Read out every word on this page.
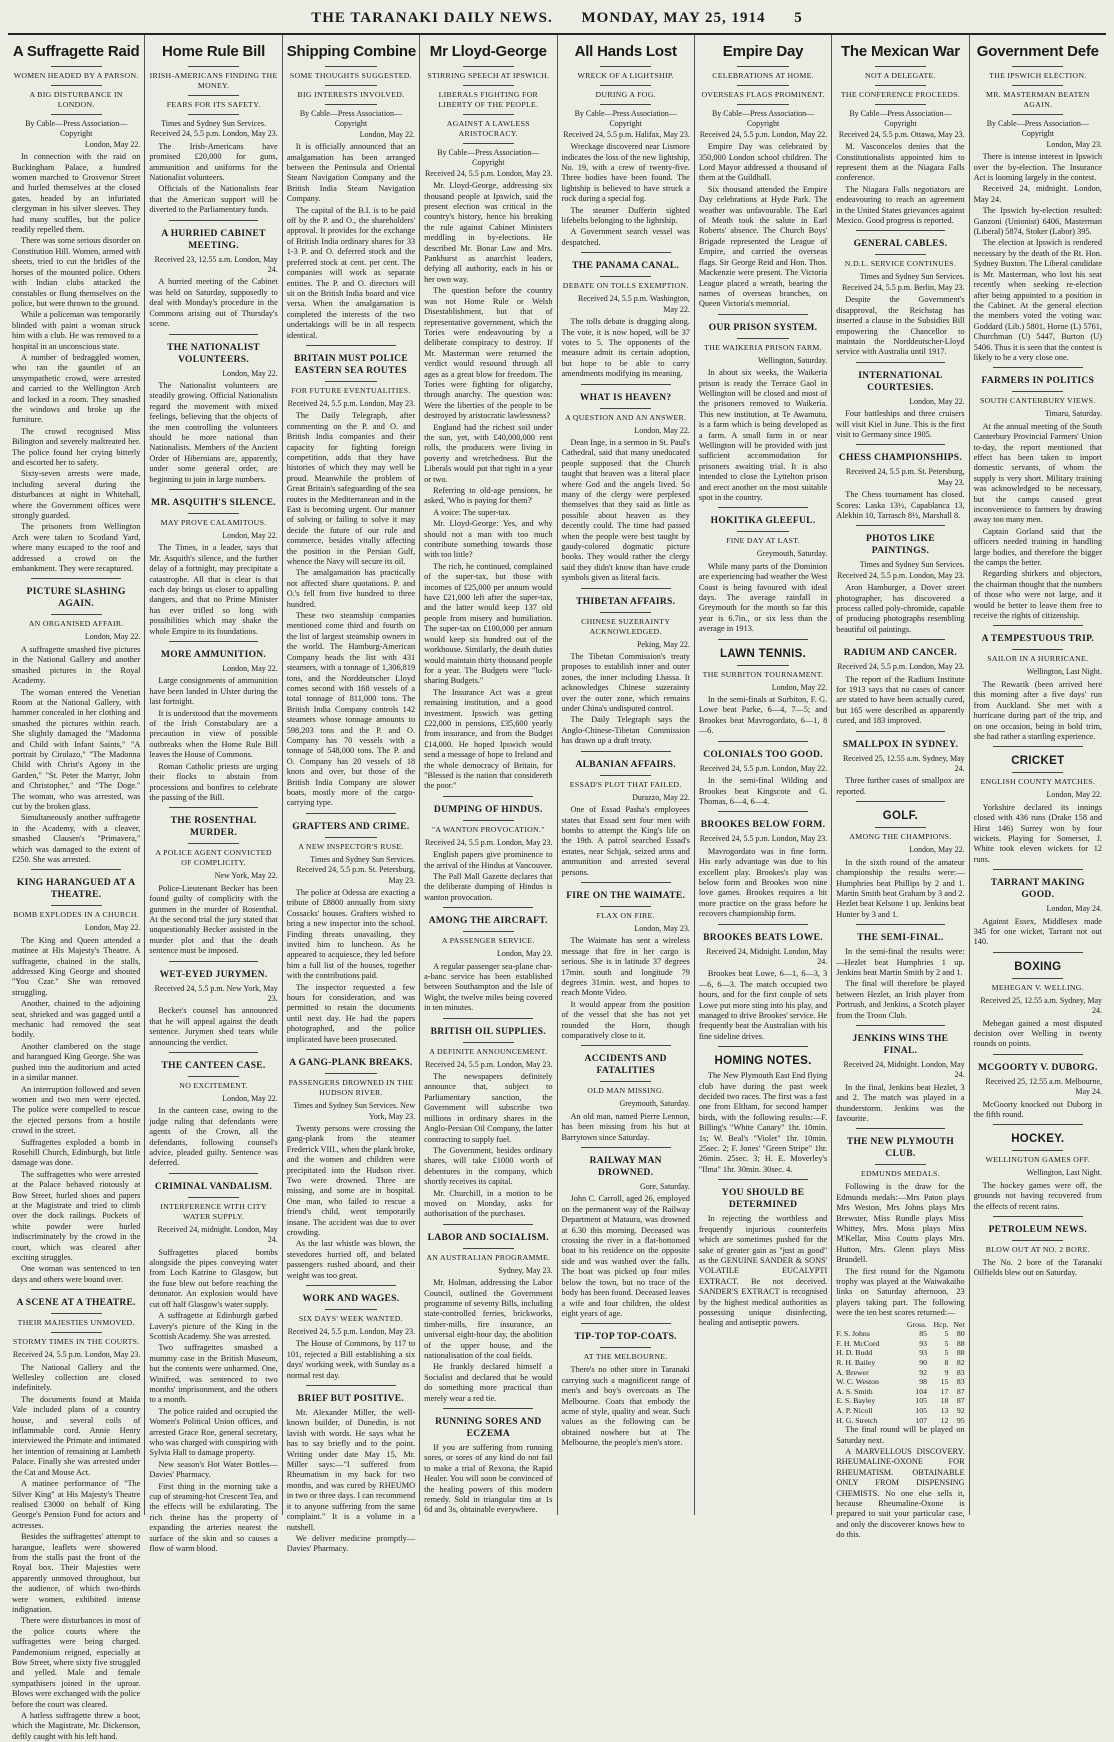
THE TARANAKI DAILY NEWS. MONDAY, MAY 25, 1914 5
A Suffragette Raid
WOMEN HEADED BY A PARSON.
A BIG DISTURBANCE IN LONDON.
By Cable—Press Association—Copyright
London, May 22.

In connection with the raid on Buckingham Palace, a hundred women marched to Grosvenor Street and hurled themselves at the closed gates, headed by an infuriated clergyman in his silver sleeves. They had many scuffles, but the police readily repelled them.

There was some serious disorder on Constitution Hill. Women, armed with sheets, tried to cut the bridles of the horses of the mounted police. Others with Indian clubs attacked the constables or flung themselves on the police, but were thrown to the ground.

While a policeman was temporarily blinded with paint a woman struck him with a club. He was removed to a hospital in an unconscious state.

A number of bedraggled women, who ran the gauntlet of an unsympathetic crowd, were arrested and carried to the Wellington Arch and locked in a room. They smashed the windows and broke up the furniture.

The crowd recognised Miss Bilington and severely maltreated her. The police found her crying bitterly and escorted her to safety.

Sixty-seven arrests were made, including several during the disturbances at night in Whitehall, where the Government offices were strongly guarded.

The prisoners from Wellington Arch were taken to Scotland Yard, where many escaped to the roof and addressed a crowd on the embankment. They were recaptured.

PICTURE SLASHING AGAIN.
AN ORGANISED AFFAIR.
London, May 22.

A suffragette smashed five pictures in the National Gallery and another smashed pictures in the Royal Academy.

The woman entered the Venetian Room at the National Gallery, with hammer concealed in her clothing and smashed the pictures within reach. She slightly damaged the "Madonna and Child with Infant Saints," "A portrait by Cirolazo," "The Madonna Child with Christ's Agony in the Garden," "St. Peter the Martyr, John and Christopher," and "The Doge." The woman, who was arrested, was cut by the broken glass.

Simultaneously another suffragette in the Academy, with a cleaver, smashed Clausen's "Primavera," which was damaged to the extent of £250. She was arrested.

KING HARANGUED AT A THEATRE.
BOMB EXPLODES IN A CHURCH.
London, May 22.

The King and Queen attended a matinee at His Majesty's Theatre. A suffragette, chained in the stalls, addressed King George and shouted "You Czar." She was removed struggling.

Another, chained to the adjoining seat, shrieked and was gagged until a mechanic had removed the seat bodily.

Another clambered on the stage and harangued King George. She was pushed into the auditorium and acted in a similar manner.

An interruption followed and seven women and two men were ejected. The police were compelled to rescue the ejected persons from a hostile crowd in the street.

Suffragettes exploded a bomb in Rosehill Church, Edinburgh, but little damage was done.

The suffragettes who were arrested at the Palace behaved riotously at Bow Street, hurled shoes and papers at the Magistrate and tried to climb over the dock railings. Pockets of white powder were hurled indiscriminately by the crowd in the court, which was cleared after exciting struggles.

One woman was sentenced to ten days and others were bound over.

A SCENE AT A THEATRE.
THEIR MAJESTIES UNMOVED.
STORMY TIMES IN THE COURTS.
Received 24, 5.5 p.m. London, May 23.

The National Gallery and the Wellesley collection are closed indefinitely.

The documents found at Maida Vale included plans of a country house, and several coils of inflammable cord. Annie Henry interviewed the Primate and intimated her intention of remaining at Lambeth Palace. Finally she was arrested under the Cat and Mouse Act.

A matinee performance of "The Silver King" at His Majesty's Theatre realised £3000 on behalf of King George's Pension Fund for actors and actresses.

Besides the suffragettes' attempt to harangue, leaflets were showered from the stalls past the front of the Royal box. Their Majesties were apparently unmoved throughout, but the audience, of which two-thirds were women, exhibited intense indignation.

There were disturbances in most of the police courts where the suffragettes were being charged. Pandemonium reigned, especially at Bow Street, where sixty five struggled and yelled. Male and female sympathisers joined in the uproar. Blows were exchanged with the police before the court was cleared.

A hatless suffragette threw a boot, which the Magistrate, Mr. Dickenson, deftly caught with his left hand.

Home Rule Bill
IRISH-AMERICANS FINDING THE MONEY.
FEARS FOR ITS SAFETY.
Times and Sydney Sun Services.
Received 24, 5.5 p.m. London, May 23.

The Irish-Americans have promised £20,000 for guns, ammunition and uniforms for the Nationalist volunteers.

Officials of the Nationalists fear that the American support will be diverted to the Parliamentary funds.

A HURRIED CABINET MEETING.
Received 23, 12.55 a.m. London, May 24.

A hurried meeting of the Cabinet was held on Saturday, supposedly to deal with Monday's procedure in the Commons arising out of Thursday's scene.

THE NATIONALIST VOLUNTEERS.
London, May 22.

The Nationalist volunteers are steadily growing. Official Nationalists regard the movement with mixed feelings, believing that the objects of the men controlling the volunteers should be more national than Nationalists. Members of the Ancient Order of Hibernians are, apparently, under some general order, are beginning to join in large numbers.

MR. ASQUITH'S SILENCE.
MAY PROVE CALAMITOUS.
London, May 22.

The Times, in a leader, says that Mr. Asquith's silence, and the further delay of a fortnight, may precipitate a catastrophe. All that is clear is that each day brings us closer to appalling dangers, and that no Prime Minister has ever trifled so long with possibilities which may shake the whole Empire to its foundations.

MORE AMMUNITION.
London, May 22.

Large consignments of ammunition have been landed in Ulster during the last fortnight.

It is understood that the movements of the Irish Constabulary are a precaution in view of possible outbreaks when the Home Rule Bill leaves the House of Commons.

Roman Catholic priests are urging their flocks to abstain from processions and bonfires to celebrate the passing of the Bill.

THE ROSENTHAL MURDER.
A POLICE AGENT CONVICTED OF COMPLICITY.
New York, May 22.

Police-Lieutenant Becker has been found guilty of complicity with the gunmen in the murder of Rosenthal. At the second trial the jury stated that unquestionably Becker assisted in the murder plot and that the death sentence must be imposed.

WET-EYED JURYMEN.
Received 24, 5.5 p.m. New York, May 23.

Becker's counsel has announced that he will appeal against the death sentence. Jurymen shed tears while announcing the verdict.

THE CANTEEN CASE.
NO EXCITEMENT.
London, May 22.

In the canteen case, owing to the judge ruling that defendants were agents of the Crown, all the defendants, following counsel's advice, pleaded guilty. Sentence was deferred.

CRIMINAL VANDALISM.
INTERFERENCE WITH CITY WATER SUPPLY.
Received 24, midnight. London, May 24.

Suffragettes placed bombs alongside the pipes conveying water from Loch Katrine to Glasgow, but the fuse blew out before reaching the detonator. An explosion would have cut off half Glasgow's water supply.

A suffragette at Edinburgh garbed Lavery's picture of the King in the Scottish Academy. She was arrested.

Two suffragettes smashed a mummy case in the British Museum, but the contents were unharmed. One, Winifred, was sentenced to two months' imprisonment, and the others to a month.

The police raided and occupied the Women's Political Union offices, and arrested Grace Roe, general secretary, who was charged with conspiring with Sylvia Hall to damage property.

New season's Hot Water Bottles—Davies' Pharmacy.

First thing in the morning take a cup of steaming-hot Crescent Tea, and the effects will be exhilarating. The rich theine has the property of expanding the arteries nearest the surface of the skin and so causes a flow of warm blood.

Shipping Combine
SOME THOUGHTS SUGGESTED.
BIG INTERESTS INVOLVED.
By Cable—Press Association—Copyright
London, May 22.

It is officially announced that an amalgamation has been arranged between the Peninsula and Oriental Steam Navigation Company and the British India Steam Navigation Company.

The capital of the B.I. is to be paid off by the P. and O., the shareholders' approval. It provides for the exchange of British India ordinary shares for 33 1-3 P. and O. deferred stock and the preferred stock at cent. per cent. The companies will work as separate entities. The P. and O. directors will sit on the British India board and vice versa. When the amalgamation is completed the interests of the two undertakings will be in all respects identical.

BRITAIN MUST POLICE EASTERN SEA ROUTES
FOR FUTURE EVENTUALITIES.
Received 24, 5.5 p.m. London, May 23.

The Daily Telegraph, after commenting on the P. and O. and British India companies and their capacity for fighting foreign competition, adds that they have histories of which they may well be proud. Meanwhile the problem of Great Britain's safeguarding of the sea routes in the Mediterranean and in the East is becoming urgent. Our manner of solving or failing to solve it may decide the future of our rule and commerce, besides vitally affecting the position in the Persian Gulf, whence the Navy will secure its oil.

The amalgamation has practically not affected share quotations. P. and O.'s fell from five hundred to three hundred.

These two steamship companies mentioned come third and fourth on the list of largest steamship owners in the world. The Hamburg-American Company heads the list with 431 steamers, with a tonnage of 1,306,819 tons, and the Norddeutscher Lloyd comes second with 168 vessels of a total tonnage of 811,000 tons. The British India Company controls 142 steamers whose tonnage amounts to 598,203 tons and the P. and O. Company has 70 vessels with a tonnage of 548,000 tons. The P. and O. Company has 20 vessels of 18 knots and over, but those of the British India Company are slower boats, mostly more of the cargo-carrying type.

GRAFTERS AND CRIME.
A NEW INSPECTOR'S RUSE.
Times and Sydney Sun Services. Received 24, 5.5 p.m. St. Petersburg, May 23.

The police at Odessa are exacting a tribute of £8800 annually from sixty Cossacks' houses. Grafters wished to bring a new inspector into the school. Finding threats unavailing, they invited him to luncheon. As he appeared to acquiesce, they led before him a full list of the houses, together with the contributions paid.

The inspector requested a few hours for consideration, and was permitted to retain the documents until next day. He had the papers photographed, and the police implicated have been prosecuted.

A GANG-PLANK BREAKS.
PASSENGERS DROWNED IN THE HUDSON RIVER.
Times and Sydney Sun Services. New York, May 23.

Twenty persons were crossing the gang-plank from the steamer Frederick VIII., when the plank broke, and the women and children were precipitated into the Hudson river. Two were drowned. Three are missing, and some are in hospital. One man, who failed to rescue a friend's child, went temporarily insane. The accident was due to over crowding.

As the last whistle was blown, the stevedores hurried off, and belated passengers rushed aboard, and their weight was too great.

WORK AND WAGES.
SIX DAYS' WEEK WANTED.
Received 24, 5.5 p.m. London, May 23.

The House of Commons, by 117 to 101, rejected a Bill establishing a six days' working week, with Sunday as a normal rest day.

BRIEF BUT POSITIVE.

Mr. Alexander Miller, the well-known builder, of Dunedin, is not lavish with words. He says what he has to say briefly and to the point. Writing under date May 15, Mr. Miller says:—"I suffered from Rheumatism in my back for two months, and was cured by RHEUMO in two or three days. I can recommend it to anyone suffering from the same complaint." It is a volume in a nutshell.

We deliver medicine promptly—Davies' Pharmacy.

Mr Lloyd-George
STIRRING SPEECH AT IPSWICH.
LIBERALS FIGHTING FOR LIBERTY OF THE PEOPLE.
AGAINST A LAWLESS ARISTOCRACY.
By Cable—Press Association—Copyright
Received 24, 5.5 p.m. London, May 23.

Mr. Lloyd-George, addressing six thousand people at Ipswich, said the present election was critical in the country's history, hence his breaking the rule against Cabinet Ministers meddling in by-elections. He described Mr. Bonar Law and Mrs. Pankhurst as anarchist leaders, defying all authority, each in his or her own way.

The question before the country was not Home Rule or Welsh Disestablishment, but that of representative government, which the Tories were endeavouring by a deliberate conspiracy to destroy. If Mr. Masterman were returned the verdict would resound through all ages as a great blow for freedom. The Tories were fighting for oligarchy, through anarchy. The question was: Were the liberties of the people to be destroyed by aristocratic lawlessness?

England had the richest soil under the sun, yet, with £40,000,000 rent rolls, the producers were living in poverty and wretchedness. But the Liberals would put that right in a year or two.

Referring to old-age pensions, he asked, 'Who is paying for them?'

A voice: The super-tax.

Mr. Lloyd-George: Yes, and why should not a man with too much contribute something towards those with too little?

The rich, he continued, complained of the super-tax, but those with incomes of £25,000 per annum would have £21,000 left after the super-tax, and the latter would keep 137 old people from misery and humiliation. The super-tax on £100,000 per annum would keep six hundred out of the workhouse. Similarly, the death duties would maintain thirty thousand people for a year. The Budgets were "luck-sharing Budgets."

The Insurance Act was a great remaining institution, and a good investment. Ipswich was getting £22,000 in pensions, £35,600 yearly from insurance, and from the Budget £14,000. He hoped Ipswich would send a message of hope to Ireland and the whole democracy of Britain, for "Blessed is the nation that considereth the poor."

DUMPING OF HINDUS.
"A WANTON PROVOCATION."
Received 24, 5.5 p.m. London, May 23.

English papers give prominence to the arrival of the Hindus at Vancouver.

The Pall Mall Gazette declares that the deliberate dumping of Hindus is wanton provocation.

AMONG THE AIRCRAFT.
A PASSENGER SERVICE.
London, May 23.

A regular passenger sea-plane char-a-banc service has been established between Southampton and the Isle of Wight, the twelve miles being covered in ten minutes.

BRITISH OIL SUPPLIES.
A DEFINITE ANNOUNCEMENT.
Received 24, 5.5 p.m. London, May 23.

The newspapers definitely announce that, subject to Parliamentary sanction, the Government will subscribe two millions in ordinary shares in the Anglo-Persian Oil Company, the latter contracting to supply fuel.

The Government, besides ordinary shares, will take £1000 worth of debentures in the company, which shortly receives its capital.

Mr. Churchill, in a motion to be moved on Monday, asks for authorisation of the purchases.

LABOR AND SOCIALISM.
AN AUSTRALIAN PROGRAMME.
Sydney, May 23.

Mr. Holman, addressing the Labor Council, outlined the Government programme of seventy Bills, including state-controlled ferries, brickworks, timber-mills, fire insurance, an universal eight-hour day, the abolition of the upper house, and the nationalisation of the coal fields.

He frankly declared himself a Socialist and declared that he would do something more practical than merely wear a red tie.

RUNNING SORES AND ECZEMA

If you are suffering from running sores, or sores of any kind do not fail to make a trial of Rexona, the Rapid Healer. You will soon be convinced of the healing powers of this modern remedy. Sold in triangular tins at 1s 6d and 3s, obtainable everywhere.

All Hands Lost
WRECK OF A LIGHTSHIP.
DURING A FOG.
By Cable—Press Association—Copyright
Received 24, 5.5 p.m. Halifax, May 23.

Wreckage discovered near Lismore indicates the loss of the new lightship, No. 19, with a crew of twenty-five. Three bodies have been found. The lightship is believed to have struck a rock during a special fog.

The steamer Dufferin sighted lifebelts belonging to the lightship.

A Government search vessel was despatched.

THE PANAMA CANAL.
DEBATE ON TOLLS EXEMPTION.
Received 24, 5.5 p.m. Washington, May 22.

The tolls debate is dragging along. The vote, it is now hoped, will be 37 votes to 5. The opponents of the measure admit its certain adoption, but hope to be able to carry amendments modifying its meaning.

WHAT IS HEAVEN?
A QUESTION AND AN ANSWER.
London, May 22.

Dean Inge, in a sermon in St. Paul's Cathedral, said that many uneducated people supposed that the Church taught that heaven was a literal place where God and the angels lived. So many of the clergy were perplexed themselves that they said as little as possible about heaven as they decently could. The time had passed when the people were best taught by gaudy-colored dogmatic picture books. They would rather the clergy said they didn't know than have crude symbols given as literal facts.

THIBETAN AFFAIRS.
CHINESE SUZERAINTY ACKNOWLEDGED.
Peking, May 22.

The Tibetan Commission's treaty proposes to establish inner and outer zones, the inner including Lhassa. It acknowledges Chinese suzerainty over the outer zone, which remains under China's undisputed control.

The Daily Telegraph says the Anglo-Chinese-Tibetan Commission has drawn up a draft treaty.

ALBANIAN AFFAIRS.
ESSAD'S PLOT THAT FAILED.
Durazzo, May 22.

One of Essad Pasha's employees states that Essad sent four men with bombs to attempt the King's life on the 19th. A patrol searched Essad's estates, near Schjak, seized arms and ammunition and arrested several persons.

FIRE ON THE WAIMATE.
FLAX ON FIRE.
London, May 23.

The Waimate has sent a wireless message that fire in her cargo is serious. She is in latitude 37 degrees 17min. south and longitude 79 degrees 31min. west, and hopes to reach Monte Video.

It would appear from the position of the vessel that she has not yet rounded the Horn, though comparatively close to it.

ACCIDENTS AND FATALITIES
OLD MAN MISSING.
Greymouth, Saturday.

An old man, named Pierre Lennon, has been missing from his hut at Barrytown since Saturday.

RAILWAY MAN DROWNED.
Gore, Saturday.

John C. Carroll, aged 26, employed on the permanent way of the Railway Department at Mataura, was drowned at 6.30 this morning. Deceased was crossing the river in a flat-bottomed boat to his residence on the opposite side and was washed over the falls. The boat was picked up four miles below the town, but no trace of the body has been found. Deceased leaves a wife and four children, the oldest eight years of age.

TIP-TOP TOP-COATS.
AT THE MELBOURNE.

There's no other store in Taranaki carrying such a magnificent range of men's and boy's overcoats as The Melbourne. Coats that embody the acme of style, quality and wear. Such values as the following can be obtained nowhere but at The Melbourne, the people's men's store.

Empire Day
CELEBRATIONS AT HOME.
OVERSEAS FLAGS PROMINENT.
By Cable—Press Association—Copyright
Received 24, 5.5 p.m. London, May 22.

Empire Day was celebrated by 350,000 London school children. The Lord Mayor addressed a thousand of them at the Guildhall.

Six thousand attended the Empire Day celebrations at Hyde Park. The weather was unfavourable. The Earl of Meath took the salute in Earl Roberts' absence. The Church Boys' Brigade represented the League of Empire, and carried the overseas flags. Sir George Reid and Hon. Thos. Mackenzie were present. The Victoria League placed a wreath, bearing the names of overseas branches, on Queen Victoria's memorial.

OUR PRISON SYSTEM.
THE WAIKERIA PRISON FARM.
Wellington, Saturday.

In about six weeks, the Waikeria prison is ready the Terrace Gaol in Wellington will be closed and most of the prisoners removed to Waikeria. This new institution, at Te Awamutu, is a farm which is being developed as a farm. A small farm in or near Wellington will be provided with just sufficient accommodation for prisoners awaiting trial. It is also intended to close the Lyttelton prison and erect another on the most suitable spot in the country.

HOKITIKA GLEEFUL.
FINE DAY AT LAST.
Greymouth, Saturday.

While many parts of the Dominion are experiencing bad weather the West Coast is being favoured with ideal days. The average rainfall in Greymouth for the month so far this year is 6.7in., or six less than the average in 1913.

LAWN TENNIS.
THE SURBITON TOURNAMENT.
London, May 22.

In the semi-finals at Surbiton, F. G. Lowe beat Parke, 6—4, 7—5; and Brookes beat Mavrogordato, 6—1, 8—6.

COLONIALS TOO GOOD.
Received 24, 5.5 p.m. London, May 22.

In the semi-final Wilding and Brookes beat Kingscote and G. Thomas, 6—4, 6—4.

BROOKES BELOW FORM.
Received 24, 5.5 p.m. London, May 23.

Mavrogordato was in fine form. His early advantage was due to his excellent play. Brookes's play was below form and Brookes won nine love games. Brookes requires a bit more practice on the grass before he recovers championship form.

BROOKES BEATS LOWE.
Received 24, Midnight. London, May 24.

Brookes beat Lowe, 6—1, 6—3, 3—6, 6—3. The match occupied two hours, and for the first couple of sets Lowe put more sting into his play, and managed to drive Brookes' service. He frequently beat the Australian with his fine sideline drives.

HOMING NOTES.

The New Plymouth East End flying club have during the past week decided two races. The first was a fast one from Eltham, for second hamper birds, with the following results:—F. Billing's "White Canary" 1hr. 10min. 1s; W. Beal's "Violet" 1hr. 10min. 25sec. 2; F. Jones' "Green Stripe" 1hr. 26min. 25sec. 3; H. E. Moverley's "Ilma" 1hr. 30min. 30sec. 4.

YOU SHOULD BE DETERMINED

In rejecting the worthless and frequently injurious counterfeits which are sometimes pushed for the sake of greater gain as "just as good" as the GENUINE SANDER & SONS' VOLATILE EUCALYPTI EXTRACT. Be not deceived. SANDER'S EXTRACT is recognised by the highest medical authorities as possessing unique disinfecting, healing and antiseptic powers.

The Mexican War
NOT A DELEGATE.
THE CONFERENCE PROCEEDS.
By Cable—Press Association—Copyright
Received 24, 5.5 p.m. Ottawa, May 23.

M. Vasconcelos denies that the Constitutionalists appointed him to represent them at the Niagara Falls conference.

The Niagara Falls negotiators are endeavouring to reach an agreement in the United States grievances against Mexico. Good progress is reported.

GENERAL CABLES.
N.D.L. SERVICE CONTINUES.
Times and Sydney Sun Services. Received 24, 5.5 p.m. Berlin, May 23.

Despite the Government's disapproval, the Reichstag has inserted a clause in the Subsidies Bill empowering the Chancellor to maintain the Norddeutscher-Lloyd service with Australia until 1917.

INTERNATIONAL COURTESIES.
London, May 22.

Four battleships and three cruisers will visit Kiel in June. This is the first visit to Germany since 1905.

CHESS CHAMPIONSHIPS.
Received 24, 5.5 p.m. St. Petersburg, May 23.

The Chess tournament has closed. Scores: Laska 13½, Capablanca 13, Alekhin 10, Tarrasch 8½, Marshall 8.

PHOTOS LIKE PAINTINGS.
Times and Sydney Sun Services. Received 24, 5.5 p.m. London, May 23.

Aron Hamburger, a Dover street photographer, has discovered a process called poly-chromide, capable of producing photographs resembling beautiful oil paintings.

RADIUM AND CANCER.
Received 24, 5.5 p.m. London, May 23.

The report of the Radium Institute for 1913 says that no cases of cancer are stated to have been actually cured, but 165 were described as apparently cured, and 183 improved.

SMALLPOX IN SYDNEY.
Received 25, 12.55 a.m. Sydney, May 24.

Three further cases of smallpox are reported.

GOLF.
AMONG THE CHAMPIONS.
London, May 22.

In the sixth round of the amateur championship the results were:—Humphries beat Phillips by 2 and 1. Martin Smith beat Graham by 3 and 2. Hezlet beat Kelsone 1 up. Jenkins beat Hunter by 3 and 1.

THE SEMI-FINAL.

In the semi-final the results were:—Hezlet beat Humphries 1 up. Jenkins beat Martin Smith by 2 and 1.

The final will therefore be played between Hezlet, an Irish player from Portrush, and Jenkins, a Scotch player from the Troon Club.

JENKINS WINS THE FINAL.
Received 24, Midnight. London, May 24.

In the final, Jenkins beat Hezlet, 3 and 2. The match was played in a thunderstorm. Jenkins was the favourite.

THE NEW PLYMOUTH CLUB.
EDMUNDS MEDALS.

Following is the draw for the Edmunds medals:—Mrs Paton plays Mrs Weston, Mrs Johns plays Mrs Brewster, Miss Rundle plays Miss Whittey, Mrs. Moss plays Miss M'Kellar, Miss Coutts plays Mrs. Hutton, Mrs. Glenn plays Miss Brundell.

The first round for the Ngamotu trophy was played at the Waiwakaiho links on Saturday afternoon, 23 players taking part. The following were the ten best scores returned:—

	Gross.	Hcp.	Net
F. S. Johns	85	5	80
F. H. McCord	93	5	88
H. D. Budd	93	5	88
R. H. Bailey	90	8	82
A. Brewer	92	9	83
W. C. Weston	98	15	83
A. S. Smith	104	17	87
E. S. Bayley	105	18	87
A. P. Nicoll	105	13	92
H. G. Stretch	107	12	95

The final round will be played on Saturday next.

A MARVELLOUS DISCOVERY. RHEUMALINE-OXONE FOR RHEUMATISM. OBTAINABLE ONLY FROM DISPENSING CHEMISTS. No one else sells it, because Rheumaline-Oxone is prepared to suit your particular case, and only the discoverer knows how to do this.

Government Defe
THE IPSWICH ELECTION.
MR. MASTERMAN BEATEN AGAIN.
By Cable—Press Association—Copyright
London, May 23.

There is intense interest in Ipswich over the by-election. The Insurance Act is looming largely in the contest.

Received 24, midnight. London, May 24.

The Ipswich by-election resulted: Ganzoni (Unionist) 6406, Masterman (Liberal) 5874, Stoker (Labor) 395.

The election at Ipswich is rendered necessary by the death of the Rt. Hon. Sydney Buxton. The Liberal candidate is Mr. Masterman, who lost his seat recently when seeking re-election after being appointed to a position in the Cabinet. At the general election the members voted the voting was: Goddard (Lib.) 5801, Horne (L) 5761, Churchman (U) 5447, Burton (U) 5406. Thus it is seen that the contest is likely to be a very close one.

FARMERS IN POLITICS
SOUTH CANTERBURY VIEWS.
Timaru, Saturday.

At the annual meeting of the South Canterbury Provincial Farmers' Union to-day, the report mentioned that effect has been taken to import domestic servants, of whom the supply is very short. Military training was acknowledged to be necessary, but the camps caused great inconvenience to farmers by drawing away too many men.

Captain Gorland said that the officers needed training in handling large bodies, and therefore the bigger the camps the better.

Regarding shirkers and objectors, the chairman thought that the numbers of those who were not large, and it would be better to leave them free to receive the rights of citizenship.

A TEMPESTUOUS TRIP.
SAILOR IN A HURRICANE.
Wellington, Last Night.

The Rewarik (been arrived here this morning after a five days' run from Auckland. She met with a hurricane during part of the trip, and on one occasion, being in bold trim, she had rather a startling experience.

CRICKET
ENGLISH COUNTY MATCHES.
London, May 22.

Yorkshire declared its innings closed with 436 runs (Drake 158 and Hirst 146) Surrey won by four wickets. Playing for Somerset, J. White took eleven wickets for 12 runs.

TARRANT MAKING GOOD.
London, May 24.

Against Essex, Middlesex made 345 for one wicket, Tarrant not out 140.

BOXING
MEHEGAN V. WELLING.
Received 25, 12.55 a.m. Sydney, May 24.

Mehegan gained a most disputed decision over Welling in twenty rounds on points.

MCGOORTY V. DUBORG.
Received 25, 12.55 a.m. Melbourne, May 24.

McGoorty knocked out Duborg in the fifth round.

HOCKEY.
WELLINGTON GAMES OFF.
Wellington, Last Night.

The hockey games were off, the grounds not having recovered from the effects of recent rains.

PETROLEUM NEWS.
BLOW OUT AT NO. 2 BORE.

The No. 2 bore of the Taranaki Oilfields blew out on Saturday.
